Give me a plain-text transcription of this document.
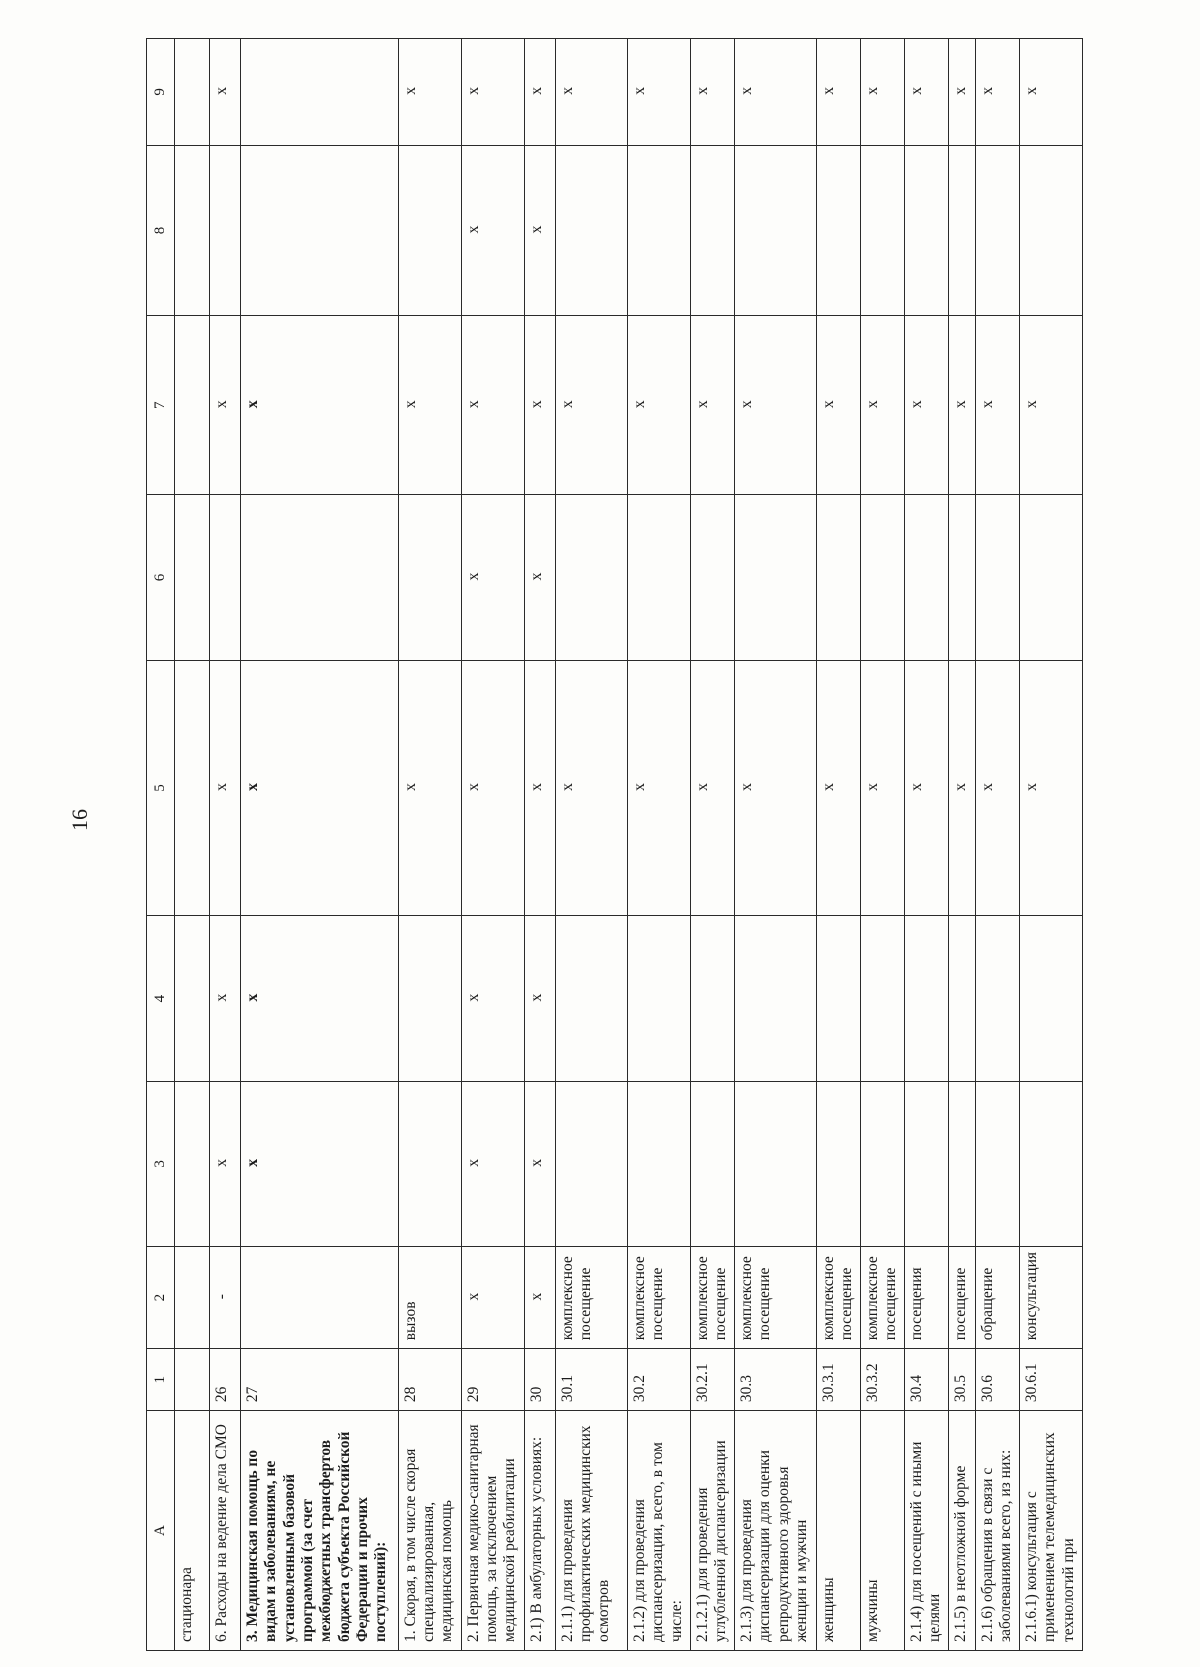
16
А	1	2	3	4	5	6	7	8	9
стационара									
6. Расходы на ведение дела СМО	26	-	х	х	х		х		х
3. Медицинская помощь по видам и заболеваниям, не установленным базовой программой (за счет межбюджетных трансфертов бюджета субъекта Российской Федерации и прочих поступлений):	27		х	х	х		х		
1. Скорая, в том числе скорая специализированная, медицинская помощь	28	вызов			х		х		х
2. Первичная медико-санитарная помощь, за исключением медицинской реабилитации	29	х	х	х	х	х	х	х	х
2.1) В амбулаторных условиях:	30	х	х	х	х	х	х	х	х
2.1.1) для проведения профилактических медицинских осмотров	30.1	комплексное посещение			х		х		х
2.1.2) для проведения диспансеризации, всего, в том числе:	30.2	комплексное посещение			х		х		х
2.1.2.1) для проведения углубленной диспансеризации	30.2.1	комплексное посещение			х		х		х
2.1.3) для проведения диспансеризации для оценки репродуктивного здоровья женщин и мужчин	30.3	комплексное посещение			х		х		х
женщины	30.3.1	комплексное посещение			х		х		х
мужчины	30.3.2	комплексное посещение			х		х		х
2.1.4) для посещений с иными целями	30.4	посещения			х		х		х
2.1.5) в неотложной форме	30.5	посещение			х		х		х
2.1.6) обращения в связи с заболеваниями всего, из них:	30.6	обращение			х		х		х
2.1.6.1) консультация с применением телемедицинских технологий при	30.6.1	консультация			х		х		х
